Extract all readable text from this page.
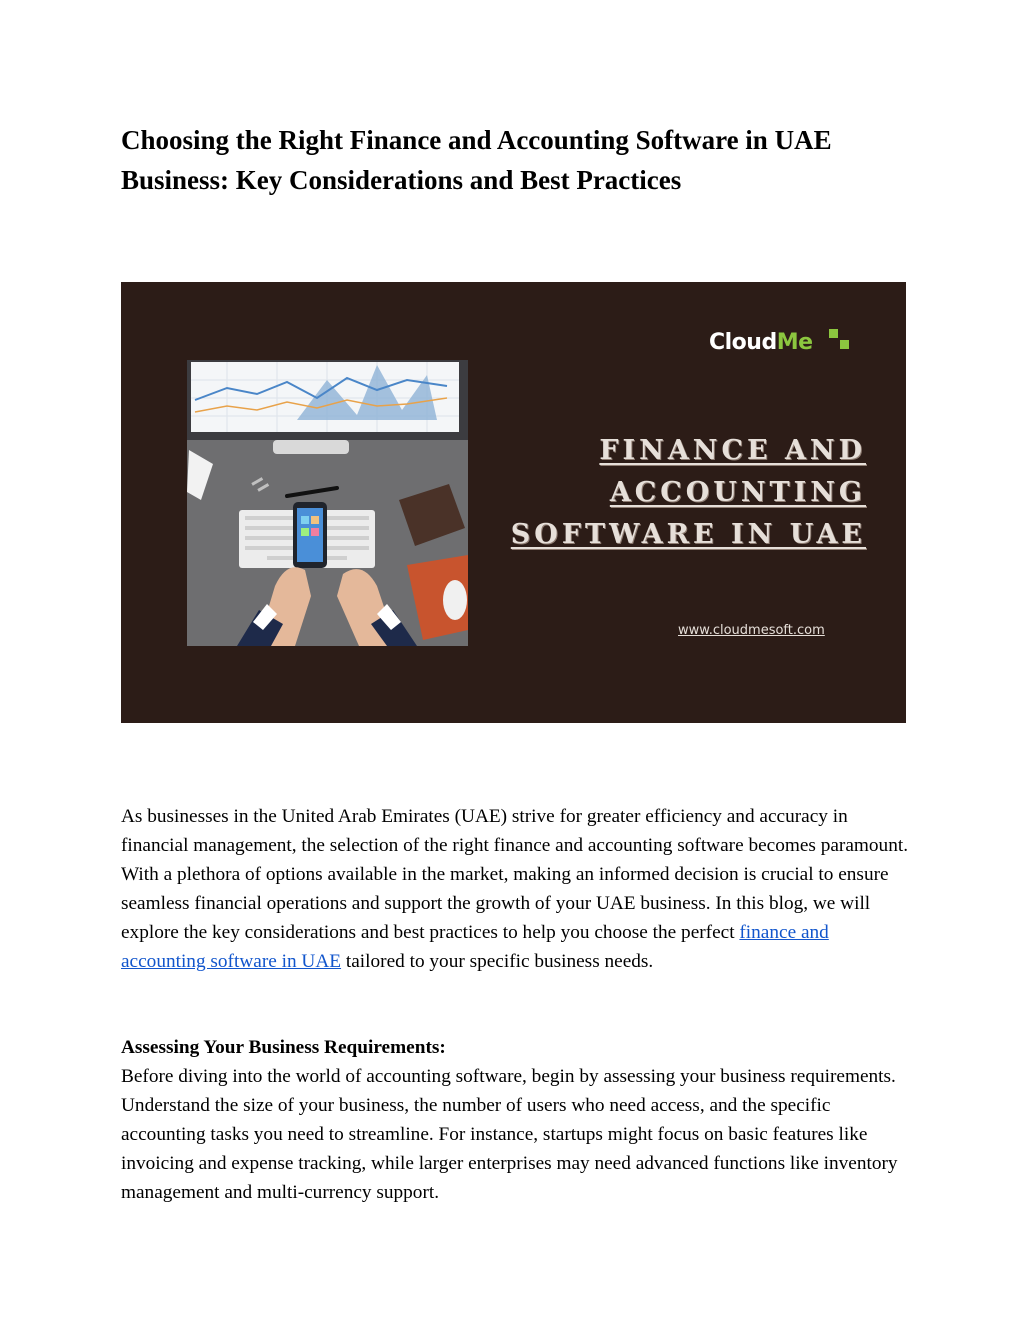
Choosing the Right Finance and Accounting Software in UAE Business: Key Considerations and Best Practices
CloudMe
FINANCE AND
ACCOUNTING
SOFTWARE IN UAE
www.cloudmesoft.com

As businesses in the United Arab Emirates (UAE) strive for greater efficiency and accuracy in financial management, the selection of the right finance and accounting software becomes paramount. With a plethora of options available in the market, making an informed decision is crucial to ensure seamless financial operations and support the growth of your UAE business. In this blog, we will explore the key considerations and best practices to help you choose the perfect finance and accounting software in UAE tailored to your specific business needs.

Assessing Your Business Requirements:

Before diving into the world of accounting software, begin by assessing your business requirements. Understand the size of your business, the number of users who need access, and the specific accounting tasks you need to streamline. For instance, startups might focus on basic features like invoicing and expense tracking, while larger enterprises may need advanced functions like inventory management and multi-currency support.
